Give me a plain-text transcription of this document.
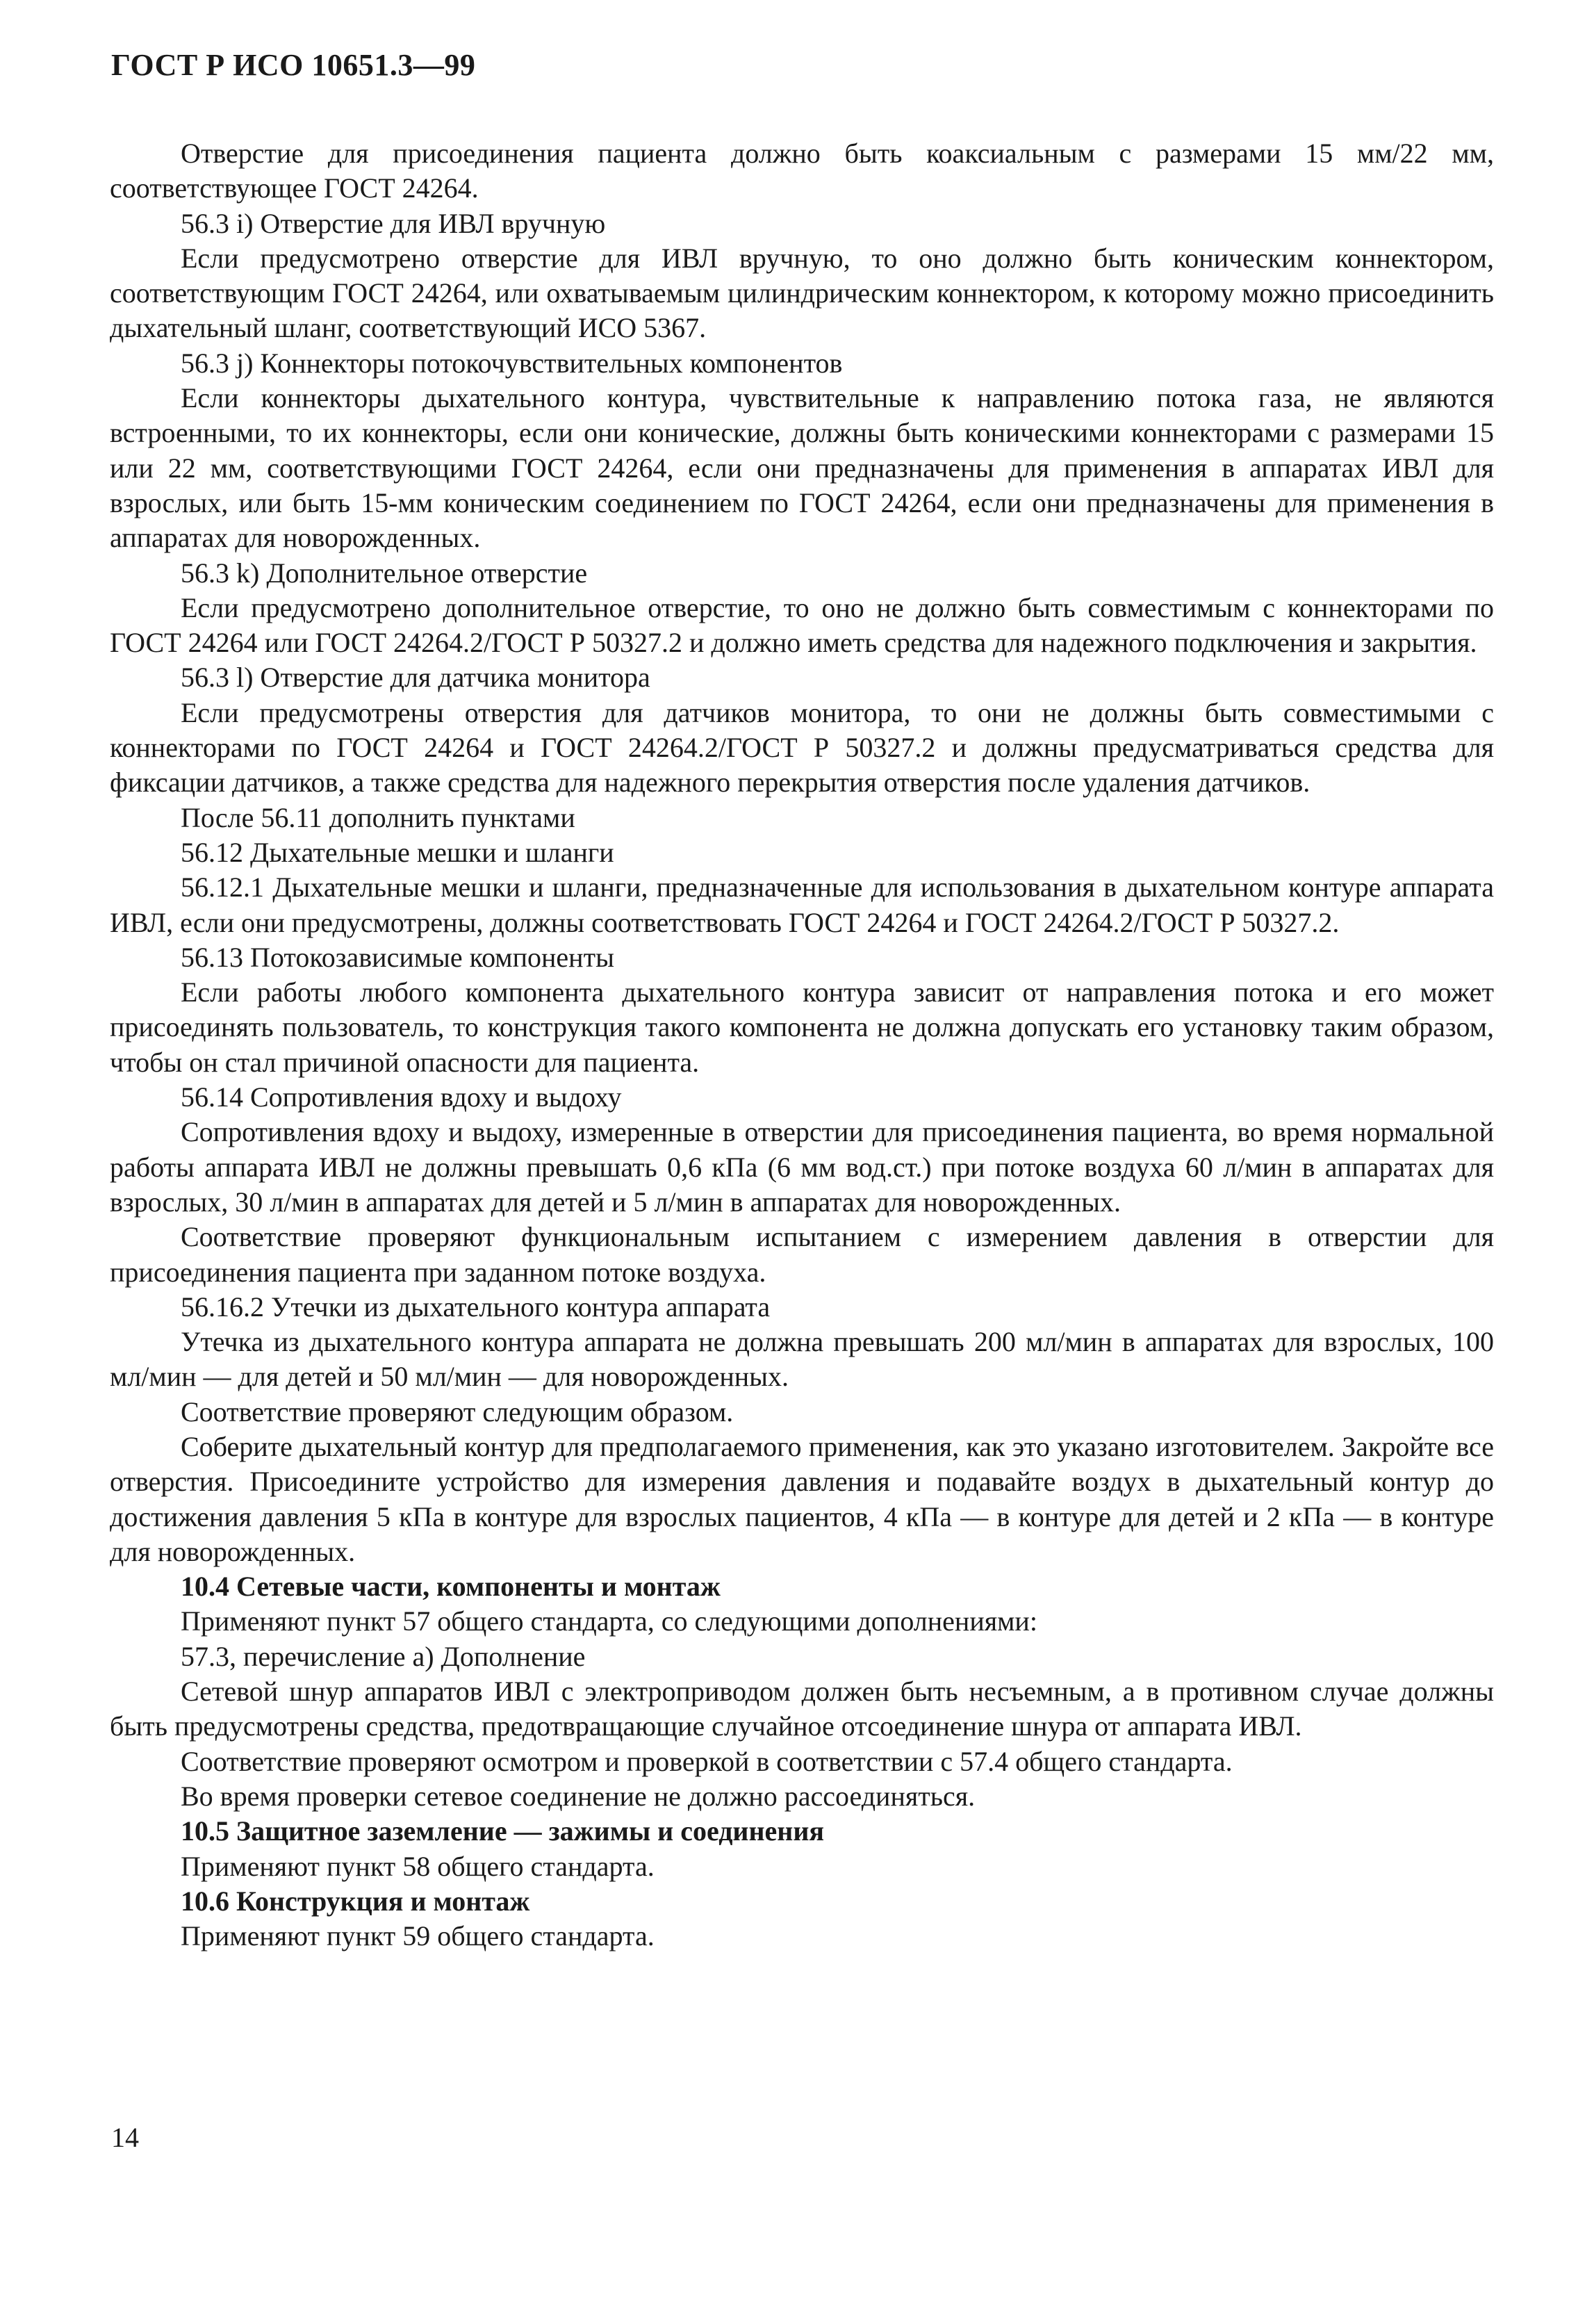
ГОСТ Р ИСО 10651.3—99

Отверстие для присоединения пациента должно быть коаксиальным с размерами 15 мм/22 мм, соответствующее ГОСТ 24264.

56.3 i) Отверстие для ИВЛ вручную

Если предусмотрено отверстие для ИВЛ вручную, то оно должно быть коническим коннектором, соответствующим ГОСТ 24264, или охватываемым цилиндрическим коннектором, к которому можно присоединить дыхательный шланг, соответствующий ИСО 5367.

56.3 j) Коннекторы потокочувствительных компонентов

Если коннекторы дыхательного контура, чувствительные к направлению потока газа, не являются встроенными, то их коннекторы, если они конические, должны быть коническими коннекторами с размерами 15 или 22 мм, соответствующими ГОСТ 24264, если они предназначены для применения в аппаратах ИВЛ для взрослых, или быть 15-мм коническим соединением по ГОСТ 24264, если они предназначены для применения в аппаратах для новорожденных.

56.3 k) Дополнительное отверстие

Если предусмотрено дополнительное отверстие, то оно не должно быть совместимым с коннекторами по ГОСТ 24264 или ГОСТ 24264.2/ГОСТ Р 50327.2 и должно иметь средства для надежного подключения и закрытия.

56.3 l) Отверстие для датчика монитора

Если предусмотрены отверстия для датчиков монитора, то они не должны быть совместимыми с коннекторами по ГОСТ 24264 и ГОСТ 24264.2/ГОСТ Р 50327.2 и должны предусматриваться средства для фиксации датчиков, а также средства для надежного перекрытия отверстия после удаления датчиков.

После 56.11 дополнить пунктами

56.12 Дыхательные мешки и шланги

56.12.1 Дыхательные мешки и шланги, предназначенные для использования в дыхательном контуре аппарата ИВЛ, если они предусмотрены, должны соответствовать ГОСТ 24264 и ГОСТ 24264.2/ГОСТ Р 50327.2.

56.13 Потокозависимые компоненты

Если работы любого компонента дыхательного контура зависит от направления потока и его может присоединять пользователь, то конструкция такого компонента не должна допускать его установку таким образом, чтобы он стал причиной опасности для пациента.

56.14 Сопротивления вдоху и выдоху

Сопротивления вдоху и выдоху, измеренные в отверстии для присоединения пациента, во время нормальной работы аппарата ИВЛ не должны превышать 0,6 кПа (6 мм вод.ст.) при потоке воздуха 60 л/мин в аппаратах для взрослых, 30 л/мин в аппаратах для детей и 5 л/мин в аппаратах для новорожденных.

Соответствие проверяют функциональным испытанием с измерением давления в отверстии для присоединения пациента при заданном потоке воздуха.

56.16.2 Утечки из дыхательного контура аппарата

Утечка из дыхательного контура аппарата не должна превышать 200 мл/мин в аппаратах для взрослых, 100 мл/мин — для детей и 50 мл/мин — для новорожденных.

Соответствие проверяют следующим образом.

Соберите дыхательный контур для предполагаемого применения, как это указано изготовителем. Закройте все отверстия. Присоедините устройство для измерения давления и подавайте воздух в дыхательный контур до достижения давления 5 кПа в контуре для взрослых пациентов, 4 кПа — в контуре для детей и 2 кПа — в контуре для новорожденных.

10.4 Сетевые части, компоненты и монтаж

Применяют пункт 57 общего стандарта, со следующими дополнениями:

57.3, перечисление а) Дополнение

Сетевой шнур аппаратов ИВЛ с электроприводом должен быть несъемным, а в противном случае должны быть предусмотрены средства, предотвращающие случайное отсоединение шнура от аппарата ИВЛ.

Соответствие проверяют осмотром и проверкой в соответствии с 57.4 общего стандарта.

Во время проверки сетевое соединение не должно рассоединяться.

10.5 Защитное заземление — зажимы и соединения

Применяют пункт 58 общего стандарта.

10.6 Конструкция и монтаж

Применяют пункт 59 общего стандарта.

14
